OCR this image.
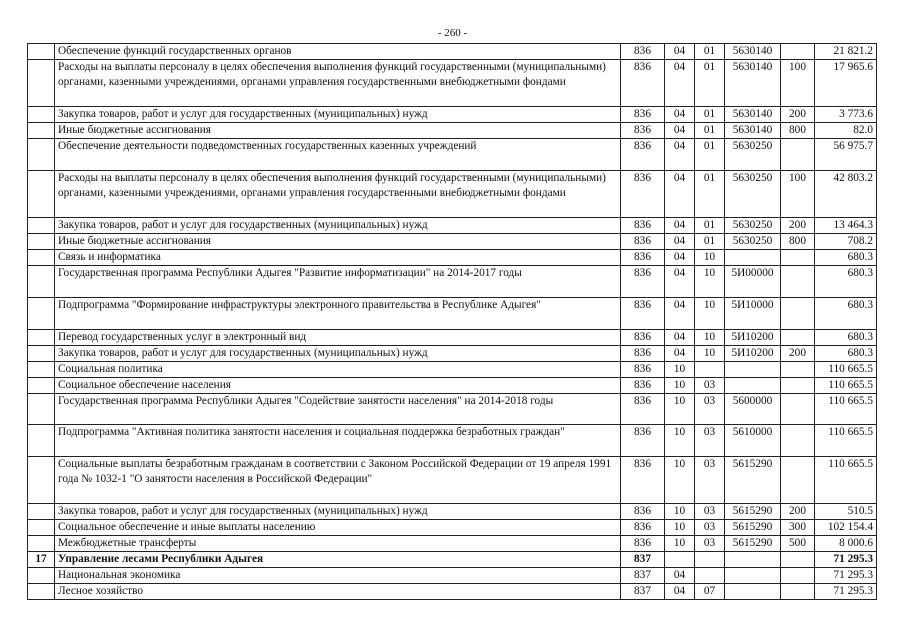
- 260 -
	Обеспечение функций государственных органов	836	04	01	5630140		21 821.2
	Расходы на выплаты персоналу в целях обеспечения выполнения функций государственными (муниципальными) органами, казенными учреждениями, органами управления государственными внебюджетными фондами	836	04	01	5630140	100	17 965.6
	Закупка товаров, работ и услуг для государственных (муниципальных) нужд	836	04	01	5630140	200	3 773.6
	Иные бюджетные ассигнования	836	04	01	5630140	800	82.0
	Обеспечение деятельности подведомственных государственных казенных учреждений	836	04	01	5630250		56 975.7
	Расходы на выплаты персоналу в целях обеспечения выполнения функций государственными (муниципальными) органами, казенными учреждениями, органами управления государственными внебюджетными фондами	836	04	01	5630250	100	42 803.2
	Закупка товаров, работ и услуг для государственных (муниципальных) нужд	836	04	01	5630250	200	13 464.3
	Иные бюджетные ассигнования	836	04	01	5630250	800	708.2
	Связь и информатика	836	04	10			680.3
	Государственная программа Республики Адыгея "Развитие информатизации" на 2014-2017 годы	836	04	10	5И00000		680.3
	Подпрограмма "Формирование инфраструктуры электронного правительства в Республике Адыгея"	836	04	10	5И10000		680.3
	Перевод государственных услуг в электронный вид	836	04	10	5И10200		680.3
	Закупка товаров, работ и услуг для государственных (муниципальных) нужд	836	04	10	5И10200	200	680.3
	Социальная политика	836	10				110 665.5
	Социальное обеспечение населения	836	10	03			110 665.5
	Государственная программа Республики Адыгея "Содействие занятости населения" на 2014-2018 годы	836	10	03	5600000		110 665.5
	Подпрограмма "Активная политика занятости населения и социальная поддержка безработных граждан"	836	10	03	5610000		110 665.5
	Социальные выплаты безработным гражданам в соответствии с Законом Российской Федерации от 19 апреля 1991 года № 1032-1 "О занятости населения в Российской Федерации"	836	10	03	5615290		110 665.5
	Закупка товаров, работ и услуг для государственных (муниципальных) нужд	836	10	03	5615290	200	510.5
	Социальное обеспечение и иные выплаты населению	836	10	03	5615290	300	102 154.4
	Межбюджетные трансферты	836	10	03	5615290	500	8 000.6
17	Управление лесами Республики Адыгея	837					71 295.3
	Национальная экономика	837	04				71 295.3
	Лесное хозяйство	837	04	07			71 295.3
